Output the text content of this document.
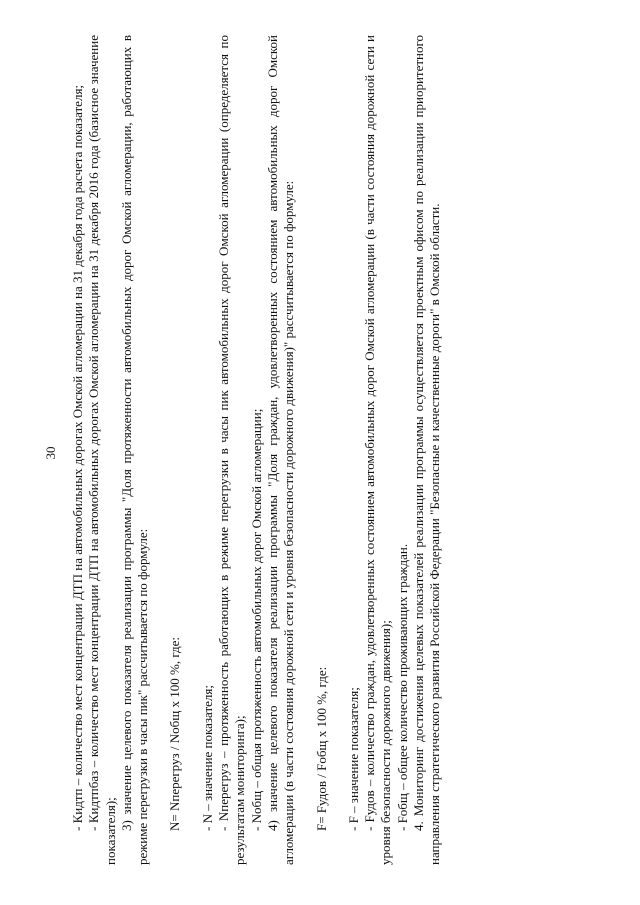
30 - Кидтп – количество мест концентрации ДТП на автомобильных дорогах Омской агломерации на 31 декабря года расчета показателя; - Кидтпбаз – количество мест концентрации ДТП на автомобильных дорогах Омской агломерации на 31 декабря 2016 года (базисное значение показателя);

3) значение целевого показателя реализации программы "Доля протяженности автомобильных дорог Омской агломерации, работающих в режиме перегрузки в часы пик" рассчитывается по формуле: N= Nперегруз / Nобщ х 100 %, где: - N – значение показателя; - Nперегруз – протяженность работающих в режиме перегрузки в часы пик автомобильных дорог Омской агломерации (определяется по результатам мониторинга); - Nобщ – общая протяженность автомобильных дорог Омской агломерации; 4) значение целевого показателя реализации программы "Доля граждан, удовлетворенных состоянием автомобильных дорог Омской агломерации (в части состояния дорожной сети и уровня безопасности дорожного движения)" рассчитывается по формуле: F= Fудов / Fобщ х 100 %, где: - F – значение показателя; - Fудов – количество граждан, удовлетворенных состоянием автомобильных дорог Омской агломерации (в части состояния дорожной сети и уровня безопасности дорожного движения); - Fобщ – общее количество проживающих граждан. 4. Мониторинг достижения целевых показателей реализации программы осуществляется проектным офисом по реализации приоритетного направления стратегического развития Российской Федерации "Безопасные и качественные дороги" в Омской области.
